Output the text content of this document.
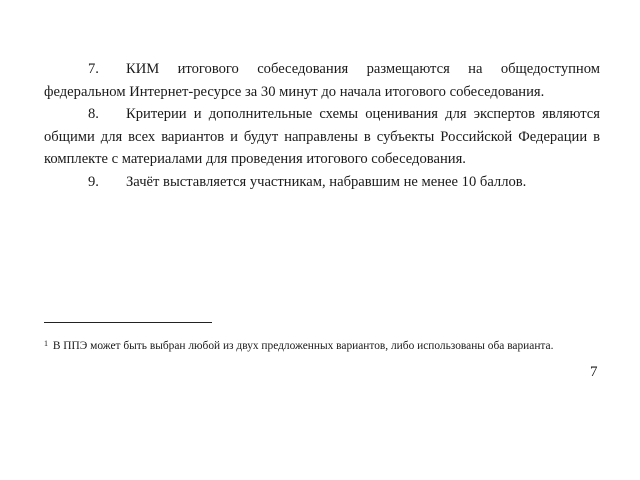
7. КИМ итогового собеседования размещаются на общедоступном федеральном Интернет-ресурсе за 30 минут до начала итогового собеседования.

8. Критерии и дополнительные схемы оценивания для экспертов являются общими для всех вариантов и будут направлены в субъекты Российской Федерации в комплекте с материалами для проведения итогового собеседования.

9. Зачёт выставляется участникам, набравшим не менее 10 баллов.

$^1$ В ППЭ может быть выбран любой из двух предложенных вариантов, либо использованы оба варианта.
7
